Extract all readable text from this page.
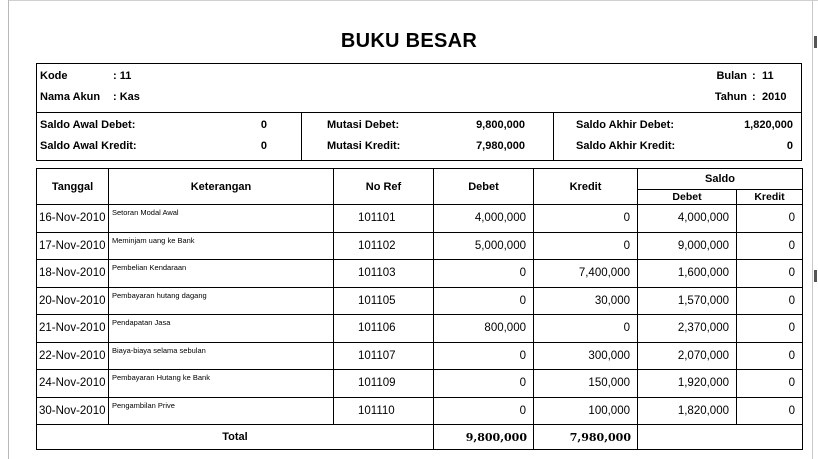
BUKU BESAR
Kode	: 11
Nama Akun : Kas
Bulan : 11
Tahun : 2010
Saldo Awal Debet:	0
Saldo Awal Kredit:	0
Mutasi Debet:	9,800,000
Mutasi Kredit:	7,980,000
Saldo Akhir Debet:	1,820,000
Saldo Akhir Kredit:	0
Tanggal	Keterangan	No Ref	Debet	Kredit	Saldo	
					Debet	Kredit
16-Nov-2010	Setoran Modal Awal	101101	4,000,000	0	4,000,000	0
17-Nov-2010	Meminjam uang ke Bank	101102	5,000,000	0	9,000,000	0
18-Nov-2010	Pembelian Kendaraan	101103	0	7,400,000	1,600,000	0
20-Nov-2010	Pembayaran hutang dagang	101105	0	30,000	1,570,000	0
21-Nov-2010	Pendapatan Jasa	101106	800,000	0	2,370,000	0
22-Nov-2010	Biaya-biaya selama sebulan	101107	0	300,000	2,070,000	0
24-Nov-2010	Pembayaran Hutang ke Bank	101109	0	150,000	1,920,000	0
30-Nov-2010	Pengambilan Prive	101110	0	100,000	1,820,000	0
Total			9,800,000	7,980,000		
